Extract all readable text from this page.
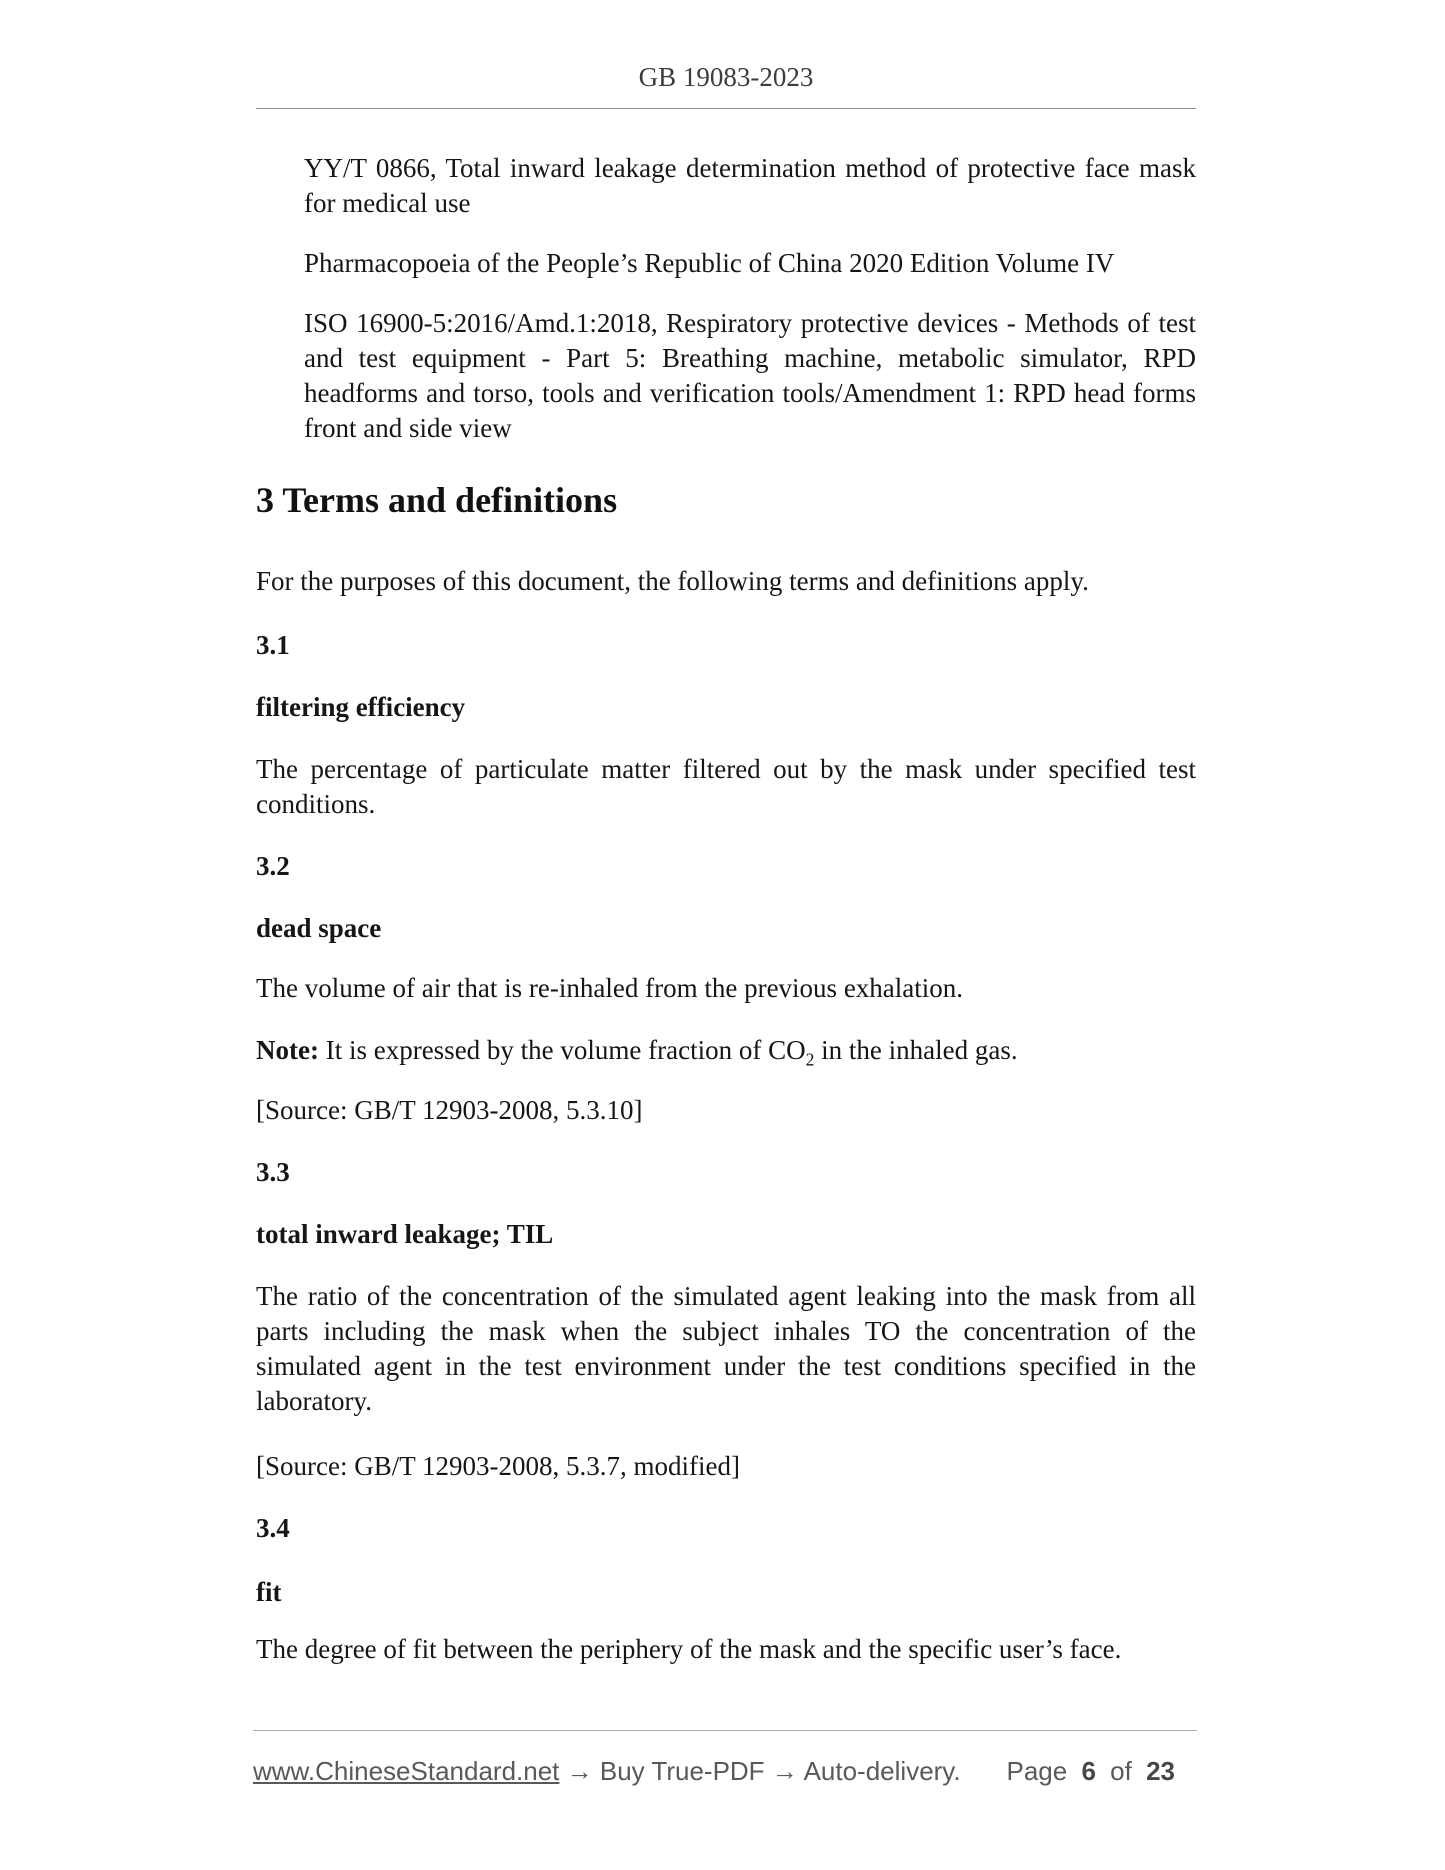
GB 19083-2023

YY/T 0866, Total inward leakage determination method of protective face mask for medical use

Pharmacopoeia of the People’s Republic of China 2020 Edition Volume IV

ISO 16900-5:2016/Amd.1:2018, Respiratory protective devices - Methods of test and test equipment - Part 5: Breathing machine, metabolic simulator, RPD headforms and torso, tools and verification tools/Amendment 1: RPD head forms front and side view

3 Terms and definitions

For the purposes of this document, the following terms and definitions apply.

3.1

filtering efficiency

The percentage of particulate matter filtered out by the mask under specified test conditions.

3.2

dead space

The volume of air that is re-inhaled from the previous exhalation.

Note: It is expressed by the volume fraction of $CO_2$ in the inhaled gas.

[Source: GB/T 12903-2008, 5.3.10]

3.3

total inward leakage; TIL

The ratio of the concentration of the simulated agent leaking into the mask from all parts including the mask when the subject inhales TO the concentration of the simulated agent in the test environment under the test conditions specified in the laboratory.

[Source: GB/T 12903-2008, 5.3.7, modified]

3.4

fit

The degree of fit between the periphery of the mask and the specific user’s face.

www.ChineseStandard.net → Buy True-PDF → Auto-delivery. Page 6 of 23
